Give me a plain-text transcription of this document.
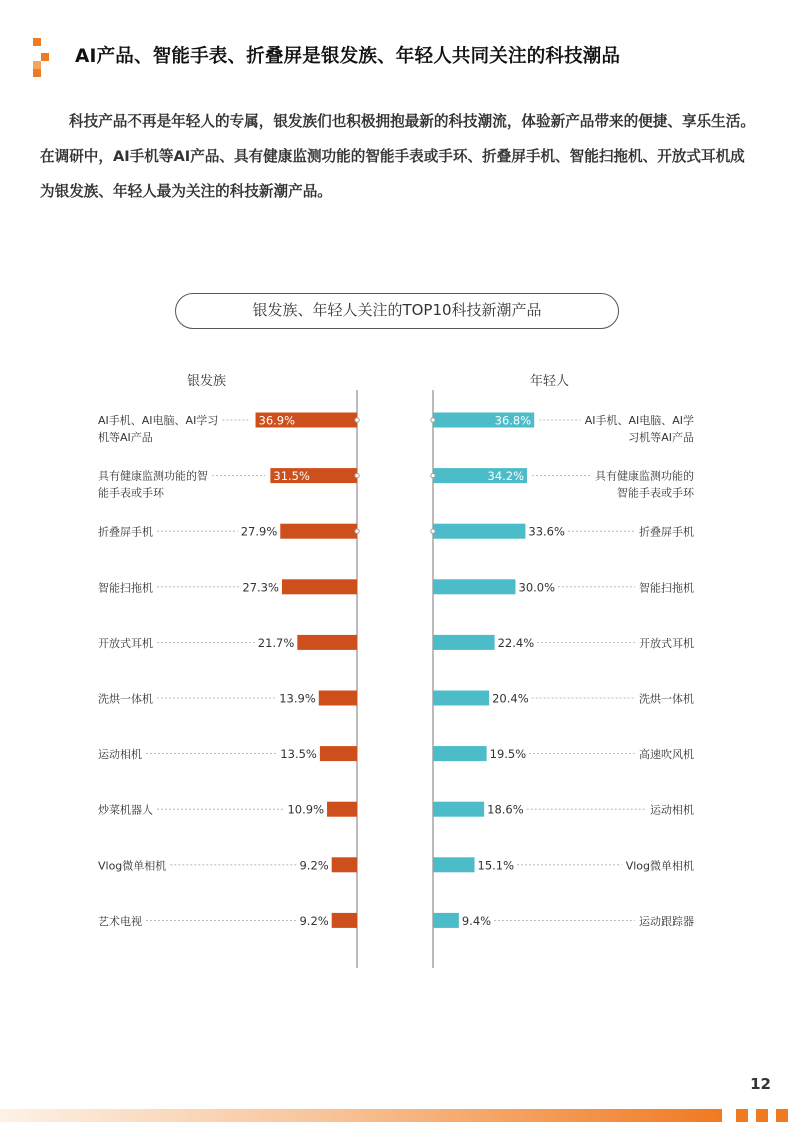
AI产品、智能手表、折叠屏是银发族、年轻人共同关注的科技潮品

科技产品不再是年轻人的专属，银发族们也积极拥抱最新的科技潮流，体验新产品带来的便捷、享乐生活。在调研中，AI手机等AI产品、具有健康监测功能的智能手表或手环、折叠屏手机、智能扫拖机、开放式耳机成为银发族、年轻人最为关注的科技新潮产品。

银发族、年轻人关注的TOP10科技新潮产品
银发族	年轻人
36.9%
AI手机、AI电脑、AI学习
机等AI产品
31.5%
具有健康监测功能的智
能手表或手环
27.9%
折叠屏手机
27.3%
智能扫拖机
21.7%
开放式耳机
13.9%
洗烘一体机
13.5%
运动相机
10.9%
炒菜机器人
9.2%
Vlog微单相机
9.2%
艺术电视
36.8%	AI手机、AI电脑、AI学
习机等AI产品
34.2%	具有健康监测功能的
智能手表或手环
33.6%	折叠屏手机
30.0%	智能扫拖机
22.4%	开放式耳机
20.4%	洗烘一体机
19.5%	高速吹风机
18.6%	运动相机
15.1%	Vlog微单相机
9.4%	运动跟踪器
12
